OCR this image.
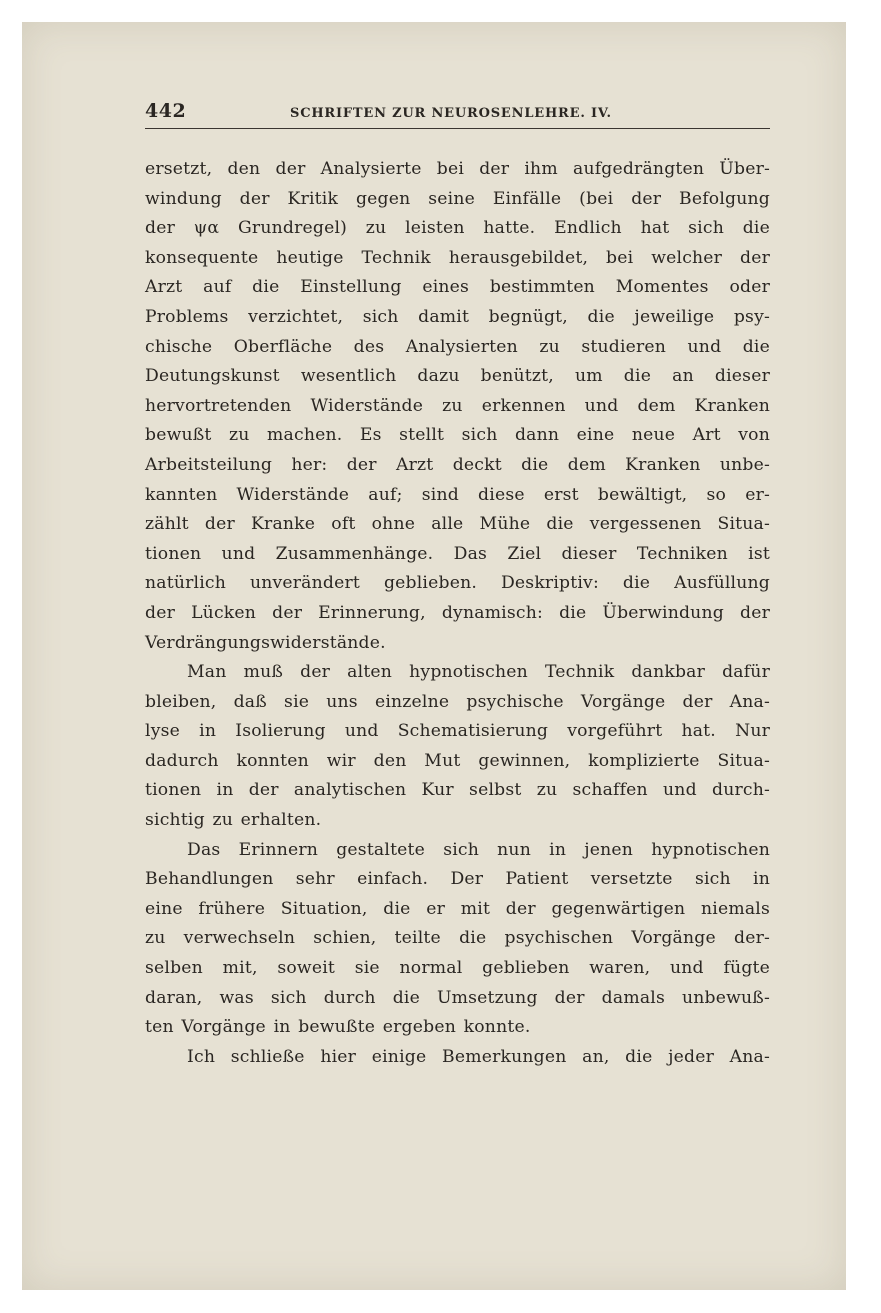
442	SCHRIFTEN ZUR NEUROSENLEHRE. IV.
ersetzt, den der Analysierte bei der ihm aufgedrängten Über-
windung der Kritik gegen seine Einfälle (bei der Befolgung
der ψα Grundregel) zu leisten hatte. Endlich hat sich die
konsequente heutige Technik herausgebildet, bei welcher der
Arzt auf die Einstellung eines bestimmten Momentes oder
Problems verzichtet, sich damit begnügt, die jeweilige psy-
chische Oberfläche des Analysierten zu studieren und die
Deutungskunst wesentlich dazu benützt, um die an dieser
hervortretenden Widerstände zu erkennen und dem Kranken
bewußt zu machen. Es stellt sich dann eine neue Art von
Arbeitsteilung her: der Arzt deckt die dem Kranken unbe-
kannten Widerstände auf; sind diese erst bewältigt, so er-
zählt der Kranke oft ohne alle Mühe die vergessenen Situa-
tionen und Zusammenhänge. Das Ziel dieser Techniken ist
natürlich unverändert geblieben. Deskriptiv: die Ausfüllung
der Lücken der Erinnerung, dynamisch: die Überwindung der
Verdrängungswiderstände.
Man muß der alten hypnotischen Technik dankbar dafür
bleiben, daß sie uns einzelne psychische Vorgänge der Ana-
lyse in Isolierung und Schematisierung vorgeführt hat. Nur
dadurch konnten wir den Mut gewinnen, komplizierte Situa-
tionen in der analytischen Kur selbst zu schaffen und durch-
sichtig zu erhalten.
Das Erinnern gestaltete sich nun in jenen hypnotischen
Behandlungen sehr einfach. Der Patient versetzte sich in
eine frühere Situation, die er mit der gegenwärtigen niemals
zu verwechseln schien, teilte die psychischen Vorgänge der-
selben mit, soweit sie normal geblieben waren, und fügte
daran, was sich durch die Umsetzung der damals unbewuß-
ten Vorgänge in bewußte ergeben konnte.
Ich schließe hier einige Bemerkungen an, die jeder Ana-
